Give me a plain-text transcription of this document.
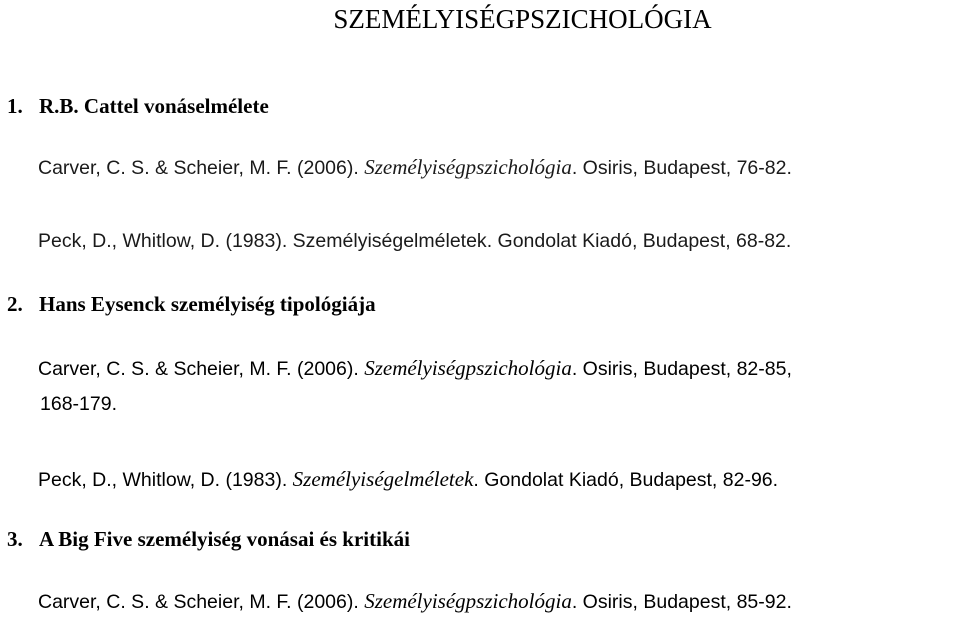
SZEMÉLYISÉGPSZICHOLÓGIA
1. R.B. Cattel vonáselmélete
Carver, C. S. & Scheier, M. F. (2006). Személyiségpszichológia. Osiris, Budapest, 76-82.
Peck, D., Whitlow, D. (1983). Személyiségelméletek. Gondolat Kiadó, Budapest, 68-82.
2. Hans Eysenck személyiség tipológiája
Carver, C. S. & Scheier, M. F. (2006). Személyiségpszichológia. Osiris, Budapest, 82-85,
168-179.
Peck, D., Whitlow, D. (1983). Személyiségelméletek. Gondolat Kiadó, Budapest, 82-96.
3. A Big Five személyiség vonásai és kritikái
Carver, C. S. & Scheier, M. F. (2006). Személyiségpszichológia. Osiris, Budapest, 85-92.
